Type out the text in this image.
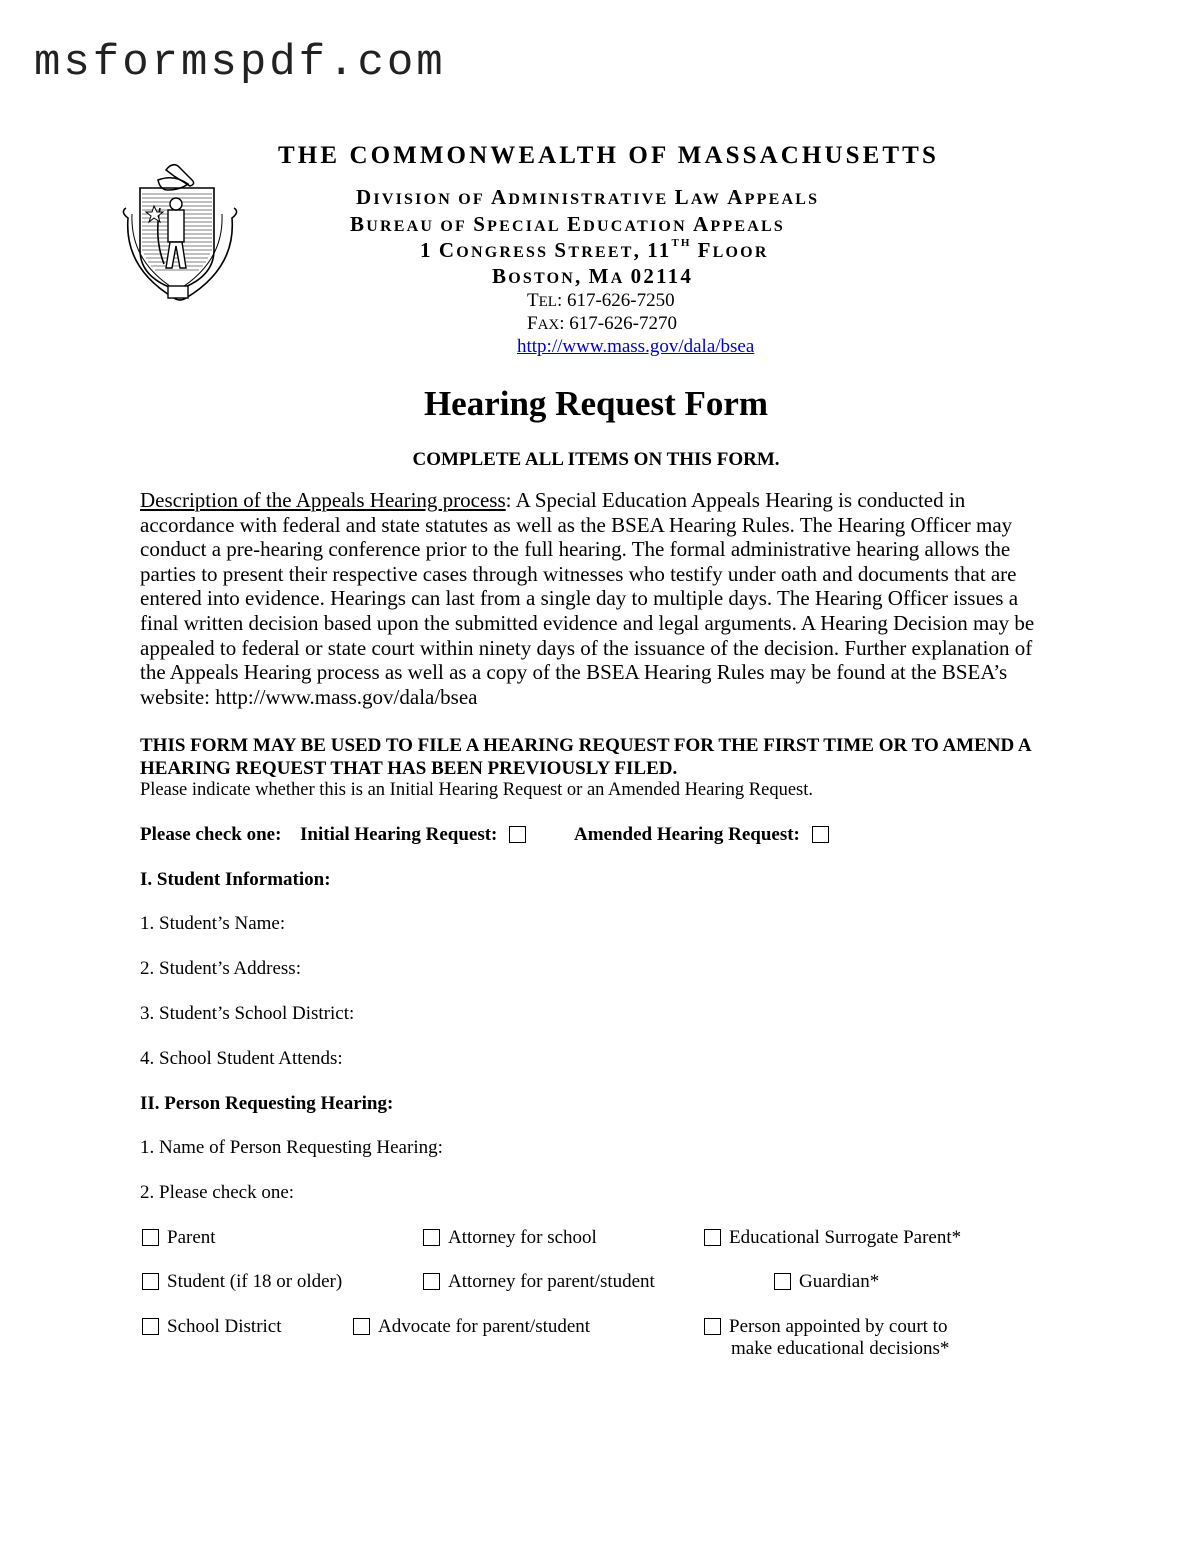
msformspdf.com
THE COMMONWEALTH OF MASSACHUSETTS
DIVISION OF ADMINISTRATIVE LAW APPEALS
BUREAU OF SPECIAL EDUCATION APPEALS
1 CONGRESS STREET, 11TH FLOOR
BOSTON, MA 02114
TEL: 617-626-7250
FAX: 617-626-7270
http://www.mass.gov/dala/bsea
Hearing Request Form
COMPLETE ALL ITEMS ON THIS FORM.
Description of the Appeals Hearing process: A Special Education Appeals Hearing is conducted in accordance with federal and state statutes as well as the BSEA Hearing Rules. The Hearing Officer may conduct a pre-hearing conference prior to the full hearing. The formal administrative hearing allows the parties to present their respective cases through witnesses who testify under oath and documents that are entered into evidence. Hearings can last from a single day to multiple days. The Hearing Officer issues a final written decision based upon the submitted evidence and legal arguments. A Hearing Decision may be appealed to federal or state court within ninety days of the issuance of the decision. Further explanation of the Appeals Hearing process as well as a copy of the BSEA Hearing Rules may be found at the BSEA’s website: http://www.mass.gov/dala/bsea
THIS FORM MAY BE USED TO FILE A HEARING REQUEST FOR THE FIRST TIME OR TO AMEND A HEARING REQUEST THAT HAS BEEN PREVIOUSLY FILED.
Please indicate whether this is an Initial Hearing Request or an Amended Hearing Request.
Please check one: Initial Hearing Request:	Amended Hearing Request:
I. Student Information:
1. Student’s Name:
2. Student’s Address:
3. Student’s School District:
4. School Student Attends:
II. Person Requesting Hearing:
1. Name of Person Requesting Hearing:
2. Please check one:
Parent	Attorney for school	Educational Surrogate Parent*
Student (if 18 or older)	Attorney for parent/student	Guardian*
School District	Advocate for parent/student	Person appointed by court to
make educational decisions*
